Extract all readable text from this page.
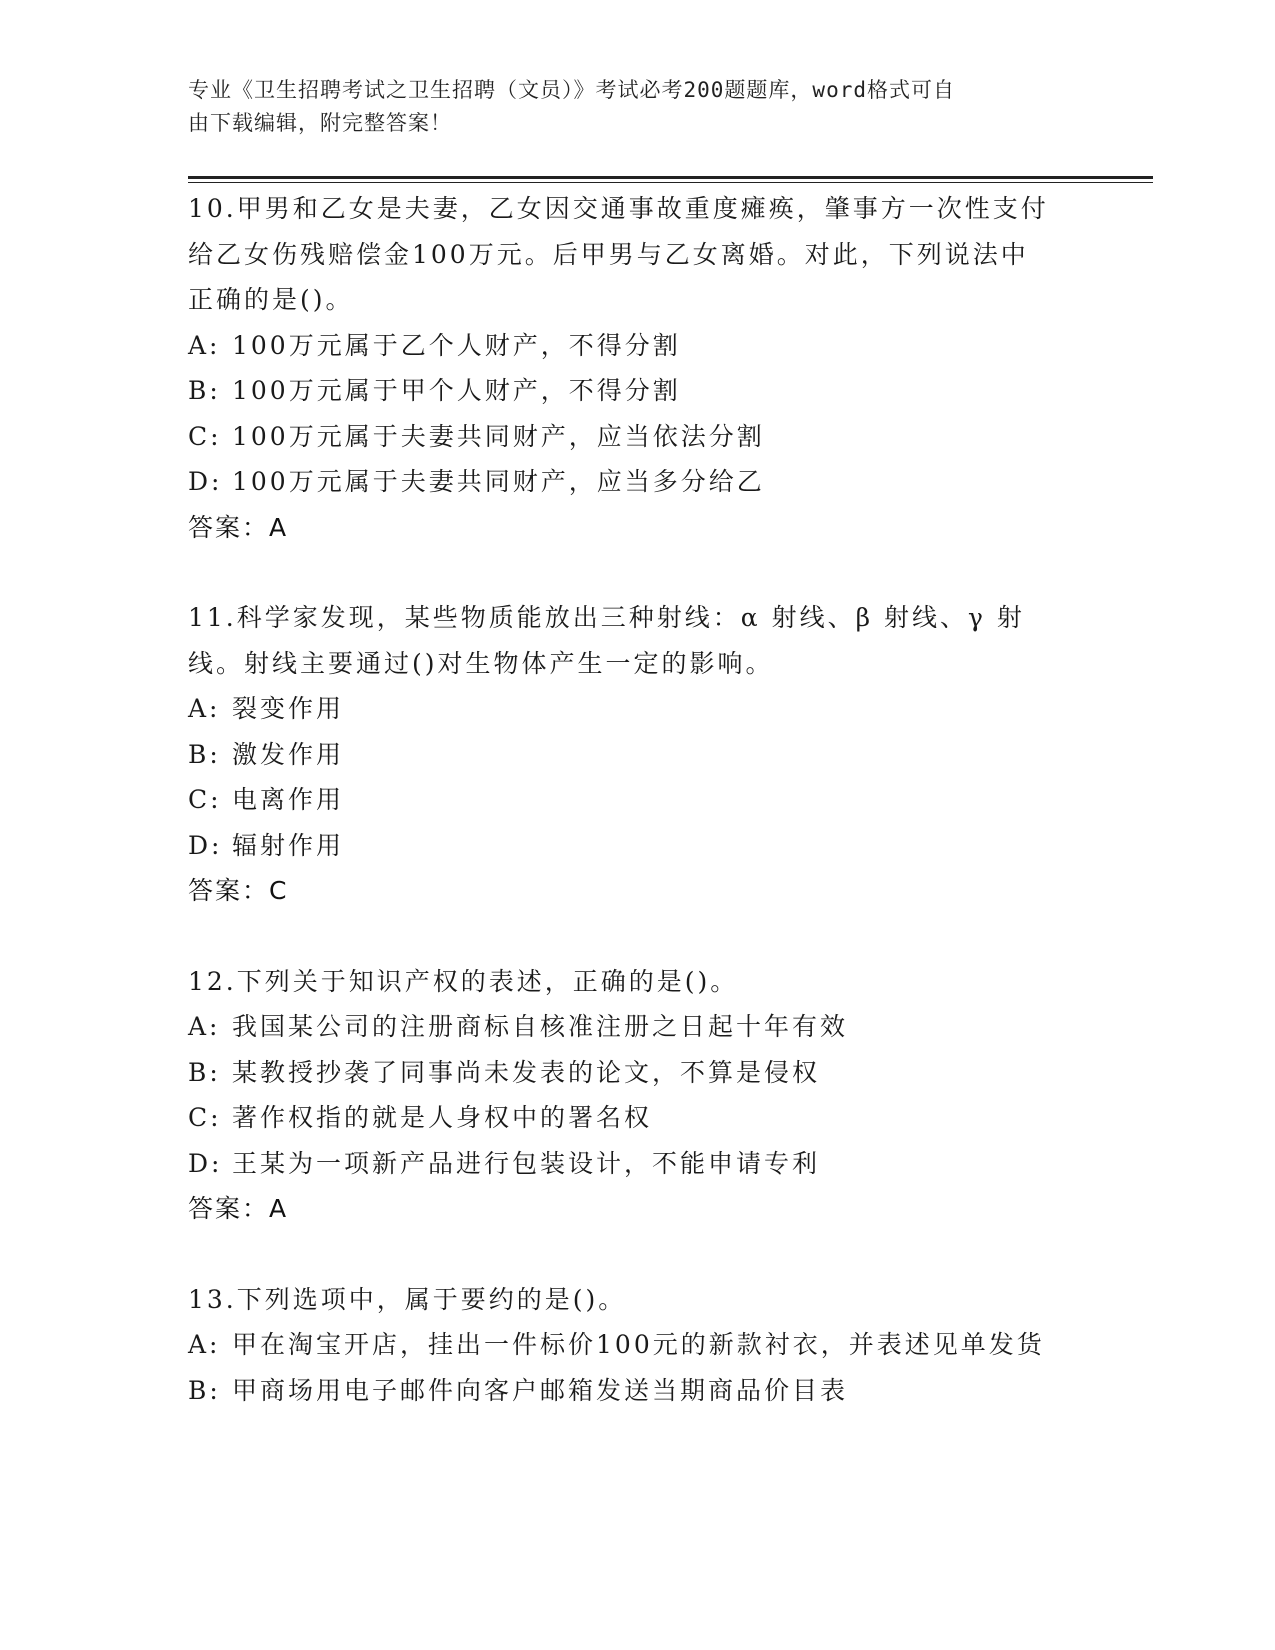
专业《卫生招聘考试之卫生招聘（文员）》考试必考200题题库，word格式可自
由下载编辑，附完整答案！
10.甲男和乙女是夫妻，乙女因交通事故重度瘫痪，肇事方一次性支付
给乙女伤残赔偿金100万元。后甲男与乙女离婚。对此，下列说法中
正确的是()。
A: 100万元属于乙个人财产，不得分割
B: 100万元属于甲个人财产，不得分割
C: 100万元属于夫妻共同财产，应当依法分割
D: 100万元属于夫妻共同财产，应当多分给乙
答案：A
11.科学家发现，某些物质能放出三种射线：α 射线、β 射线、γ 射
线。射线主要通过()对生物体产生一定的影响。
A: 裂变作用
B: 激发作用
C: 电离作用
D: 辐射作用
答案：C
12.下列关于知识产权的表述，正确的是()。
A: 我国某公司的注册商标自核准注册之日起十年有效
B: 某教授抄袭了同事尚未发表的论文，不算是侵权
C: 著作权指的就是人身权中的署名权
D: 王某为一项新产品进行包装设计，不能申请专利
答案：A
13.下列选项中，属于要约的是()。
A: 甲在淘宝开店，挂出一件标价100元的新款衬衣，并表述见单发货
B: 甲商场用电子邮件向客户邮箱发送当期商品价目表
